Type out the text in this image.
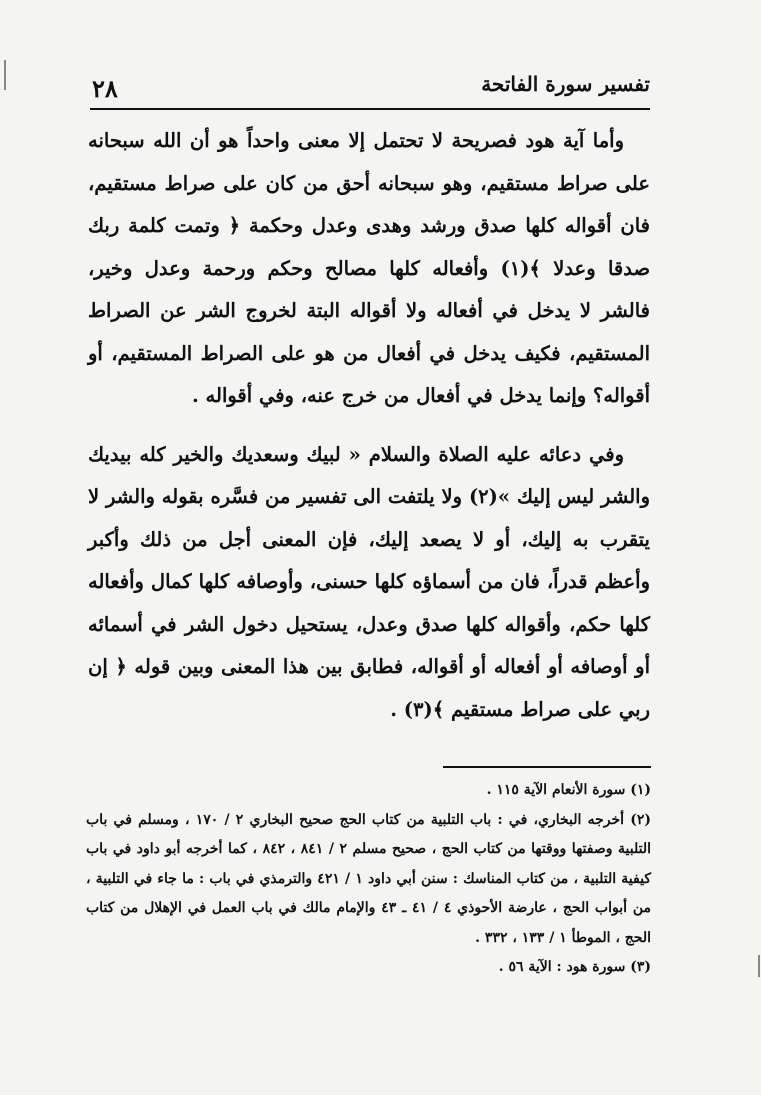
تفسير سورة الفاتحة
٢٨

وأما آية هود فصريحة لا تحتمل إلا معنى واحداً هو أن الله سبحانه على صراط مستقيم، وهو سبحانه أحق من كان على صراط مستقيم، فان أقواله كلها صدق ورشد وهدى وعدل وحكمة ﴿ وتمت كلمة ربك صدقا وعدلا ﴾(١) وأفعاله كلها مصالح وحكم ورحمة وعدل وخير، فالشر لا يدخل في أفعاله ولا أقواله البتة لخروج الشر عن الصراط المستقيم، فكيف يدخل في أفعال من هو على الصراط المستقيم، أو أقواله؟ وإنما يدخل في أفعال من خرج عنه، وفي أقواله .

وفي دعائه عليه الصلاة والسلام « لبيك وسعديك والخير كله بيديك والشر ليس إليك »(٢) ولا يلتفت الى تفسير من فسَّره بقوله والشر لا يتقرب به إليك، أو لا يصعد إليك، فإن المعنى أجل من ذلك وأكبر وأعظم قدراً، فان من أسماؤه كلها حسنى، وأوصافه كلها كمال وأفعاله كلها حكم، وأقواله كلها صدق وعدل، يستحيل دخول الشر في أسمائه أو أوصافه أو أفعاله أو أقواله، فطابق بين هذا المعنى وبين قوله ﴿ إن ربي على صراط مستقيم ﴾(٣) .

(١) سورة الأنعام الآية ١١٥ .

(٢) أخرجه البخاري، في : باب التلبية من كتاب الحج صحيح البخاري ٢ / ١٧٠ ، ومسلم في باب التلبية وصفتها ووقتها من كتاب الحج ، صحيح مسلم ٢ / ٨٤١ ، ٨٤٢ ، كما أخرجه أبو داود في باب كيفية التلبية ، من كتاب المناسك : سنن أبي داود ١ / ٤٢١ والترمذي في باب : ما جاء في التلبية ، من أبواب الحج ، عارضة الأحوذي ٤ / ٤١ ـ ٤٣ والإمام مالك في باب العمل في الإهلال من كتاب الحج ، الموطأ ١ / ١٣٣ ، ٣٣٢ .

(٣) سورة هود : الآية ٥٦ .
